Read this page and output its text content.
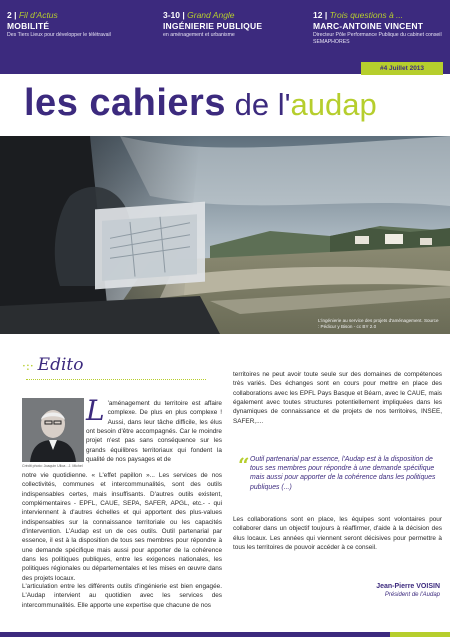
2 | Fil d'Actus
MOBILITÉ
Des Tiers Lieux pour développer le télétravail
3-10 | Grand Angle
INGÉNIERIE PUBLIQUE
en aménagement et urbanisme
12 | Trois questions à ...
MARC-ANTOINE VINCENT
Directeur Pôle Performance Publique du cabinet conseil SEMAPHORES
#4 Juillet 2013
les cahiers de l'audap
L'ingénierie au service des projets d'aménagement. Source : Pédicur y Bison - cc BY 2.0
·:· Edito
Crédit photo: Joaquin Ulloa - J. Michel
L 'aménagement du territoire est affaire complexe. De plus en plus complexe ! Aussi, dans leur tâche difficile, les élus ont besoin d'être accompagnés. Car le moindre projet n'est pas sans conséquence sur les grands équilibres territoriaux qui fondent la qualité de nos paysages et de
notre vie quotidienne. « L'effet papillon »... Les services de nos collectivités, communes et intercommunalités, sont des outils indispensables certes, mais insuffisants. D'autres outils existent, complémentaires - EPFL, CAUE, SEPA, SAFER, APGL, etc.- - qui interviennent à d'autres échelles et qui apportent des plus-values indispensables sur la connaissance territoriale ou les capacités d'intervention. L'Audap est un de ces outils. Outil partenarial par essence, il est à la disposition de tous ses membres pour répondre à une demande spécifique mais aussi pour apporter de la cohérence dans les politiques publiques, entre les exigences nationales, les politiques régionales ou départementales et les mises en œuvre dans des projets locaux.
L'articulation entre les différents outils d'ingénierie est bien engagée. L'Audap intervient au quotidien avec les services des intercommunalités. Elle apporte une expertise que chacune de nos
territoires ne peut avoir toute seule sur des domaines de compétences très variés. Des échanges sont en cours pour mettre en place des collaborations avec les EPFL Pays Basque et Béarn, avec le CAUE, mais également avec toutes structures potentiellement impliquées dans les dynamiques de connaissance et de projets de nos territoires, INSEE, SAFER,....
“ Outil partenarial par essence, l'Audap est à la disposition de tous ses membres pour répondre à une demande spécifique mais aussi pour apporter de la cohérence dans les politiques publiques (...)
Les collaborations sont en place, les équipes sont volontaires pour collaborer dans un objectif toujours à réaffirmer, d'aide à la décision des élus locaux. Les années qui viennent seront décisives pour permettre à tous les territoires de pouvoir accéder à ce conseil.
Jean-Pierre VOISIN
Président de l'Audap
